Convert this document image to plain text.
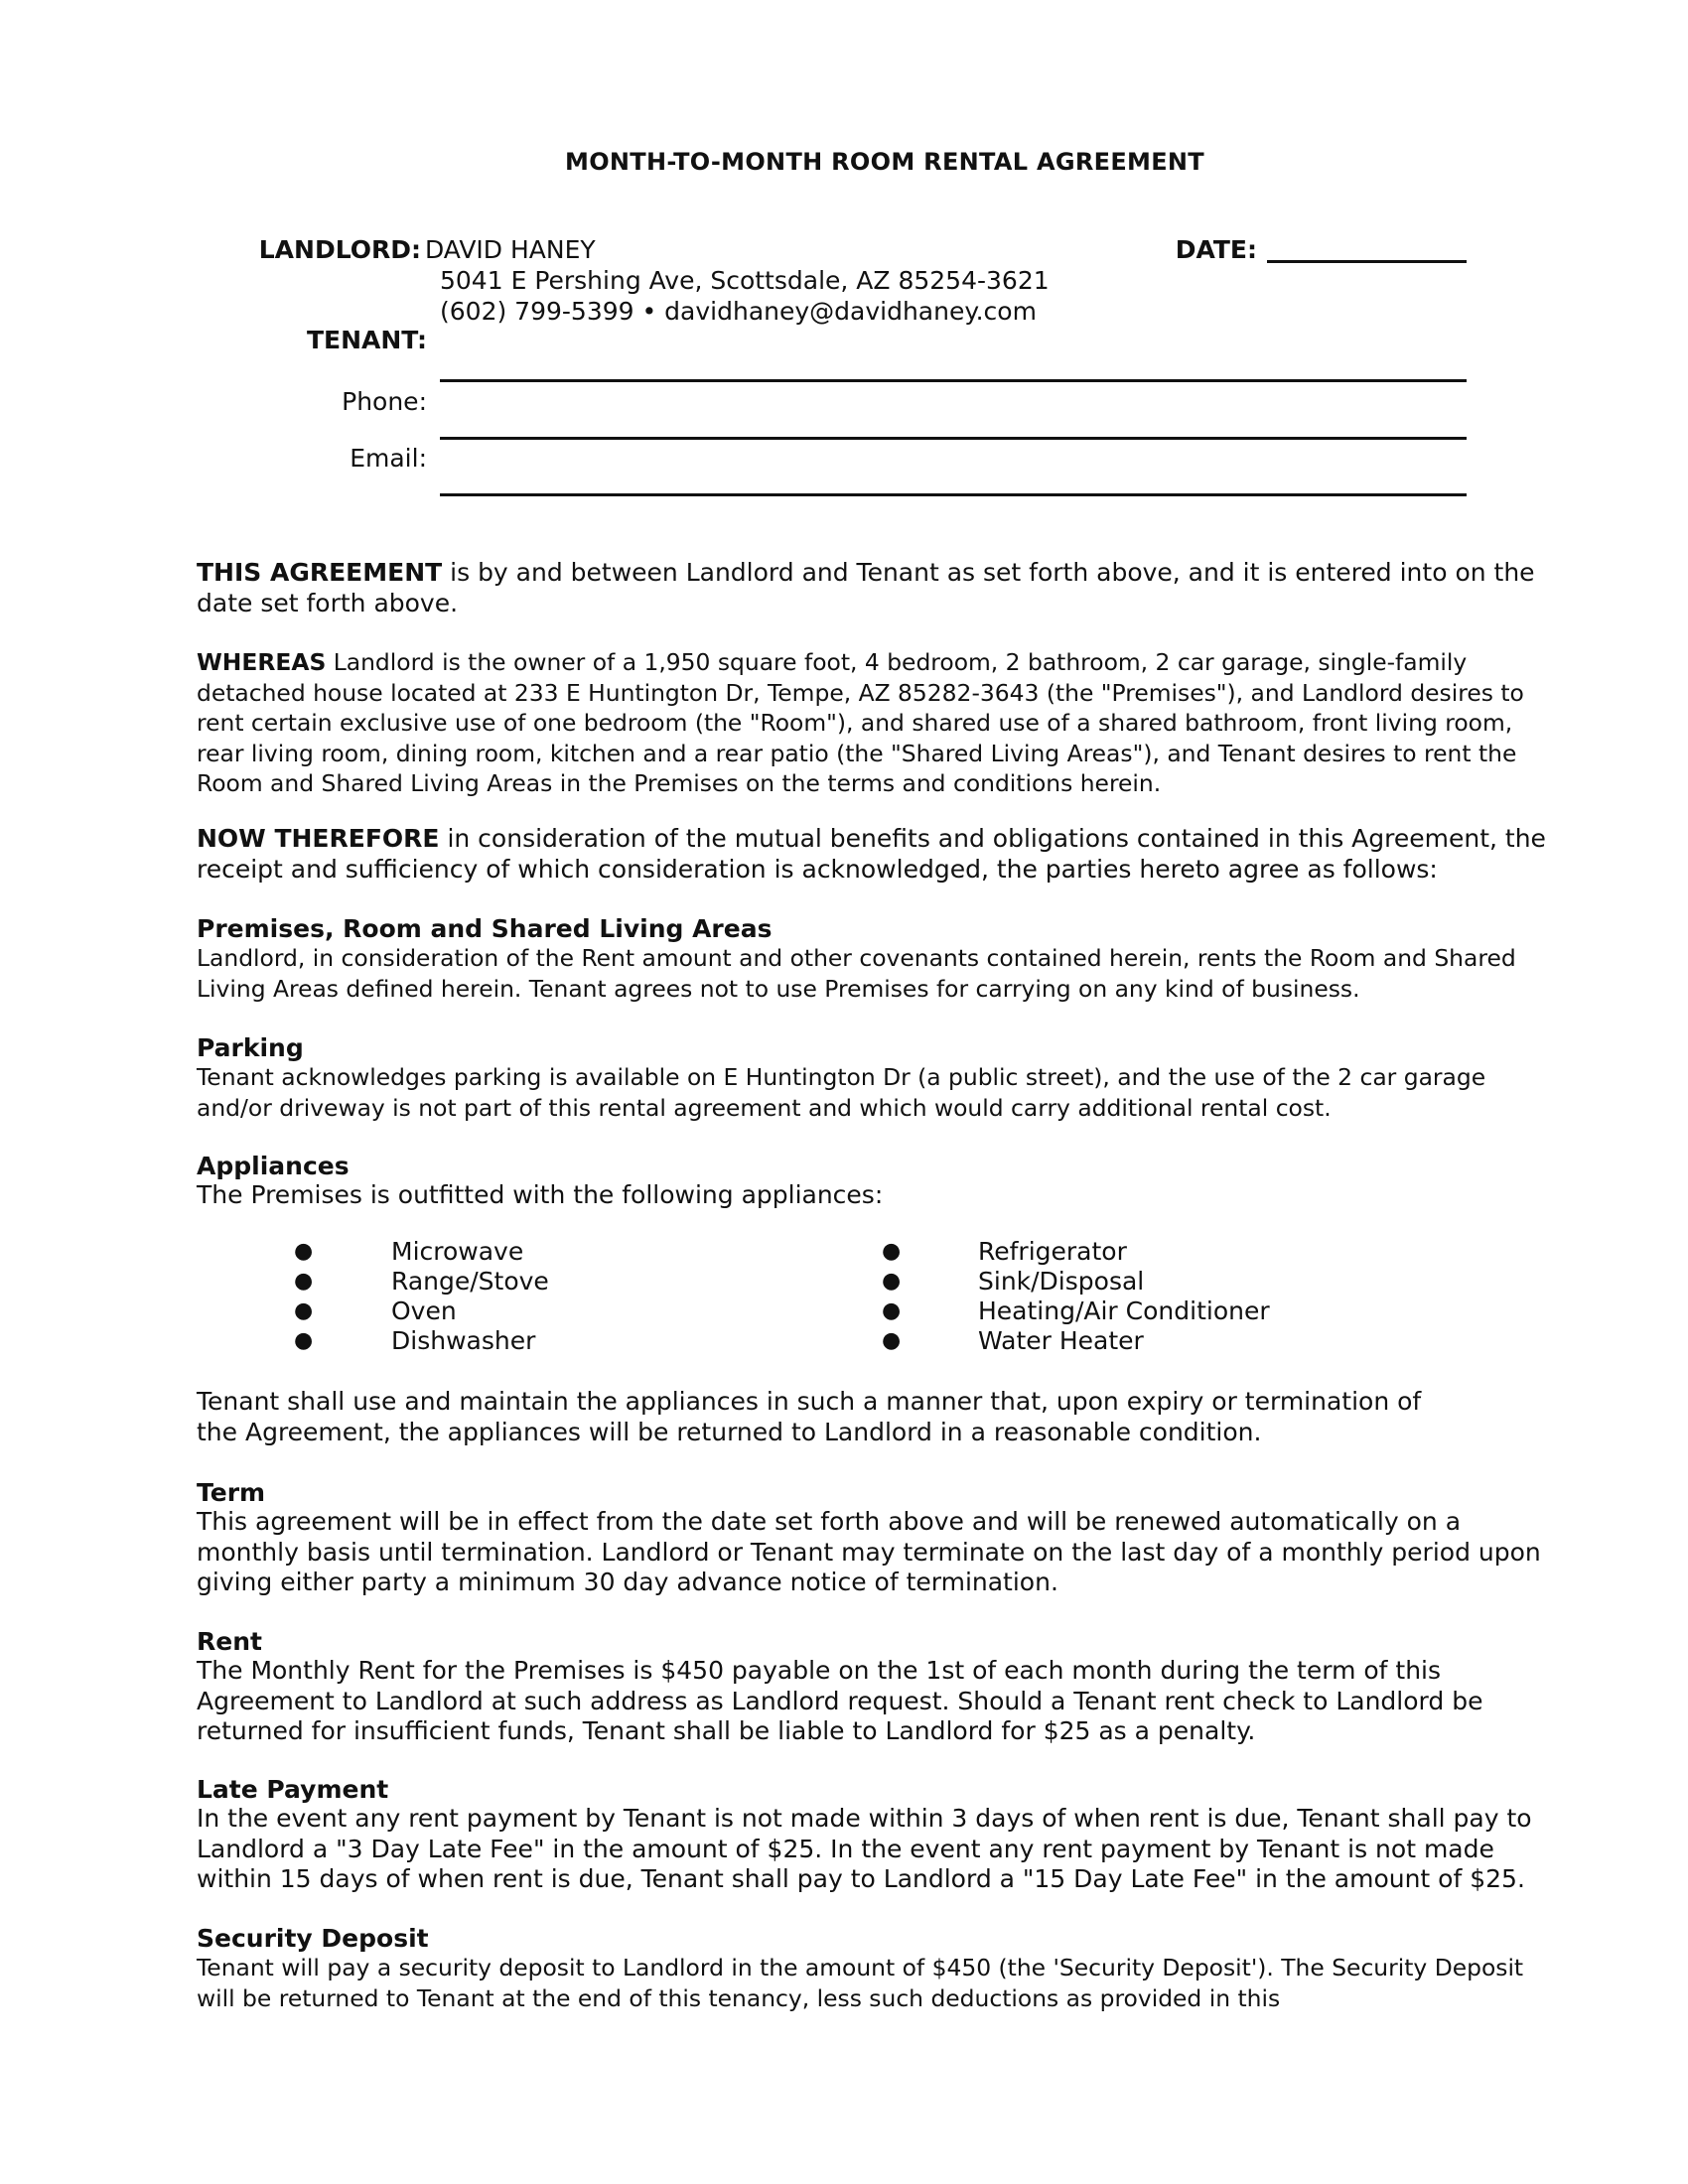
MONTH-TO-MONTH ROOM RENTAL AGREEMENT
LANDLORD: DAVID HANEY
5041 E Pershing Ave, Scottsdale, AZ 85254-3621
(602) 799-5399 • davidhaney@davidhaney.com
DATE:
TENANT:
Phone:
Email:
THIS AGREEMENT is by and between Landlord and Tenant as set forth above, and it is entered into on the date set forth above.
WHEREAS Landlord is the owner of a 1,950 square foot, 4 bedroom, 2 bathroom, 2 car garage, single-family detached house located at 233 E Huntington Dr, Tempe, AZ 85282-3643 (the "Premises"), and Landlord desires to rent certain exclusive use of one bedroom (the "Room"), and shared use of a shared bathroom, front living room, rear living room, dining room, kitchen and a rear patio (the "Shared Living Areas"), and Tenant desires to rent the Room and Shared Living Areas in the Premises on the terms and conditions herein.
NOW THEREFORE in consideration of the mutual benefits and obligations contained in this Agreement, the receipt and sufficiency of which consideration is acknowledged, the parties hereto agree as follows:
Premises, Room and Shared Living Areas
Landlord, in consideration of the Rent amount and other covenants contained herein, rents the Room and Shared Living Areas defined herein. Tenant agrees not to use Premises for carrying on any kind of business.
Parking
Tenant acknowledges parking is available on E Huntington Dr (a public street), and the use of the 2 car garage and/or driveway is not part of this rental agreement and which would carry additional rental cost.
Appliances
The Premises is outfitted with the following appliances:
●	Microwave
●	Range/Stove
●	Oven
●	Dishwasher
●	Refrigerator
●	Sink/Disposal
●	Heating/Air Conditioner
●	Water Heater
Tenant shall use and maintain the appliances in such a manner that, upon expiry or termination of the Agreement, the appliances will be returned to Landlord in a reasonable condition.
Term
This agreement will be in effect from the date set forth above and will be renewed automatically on a monthly basis until termination. Landlord or Tenant may terminate on the last day of a monthly period upon giving either party a minimum 30 day advance notice of termination.
Rent
The Monthly Rent for the Premises is $450 payable on the 1st of each month during the term of this Agreement to Landlord at such address as Landlord request. Should a Tenant rent check to Landlord be returned for insufficient funds, Tenant shall be liable to Landlord for $25 as a penalty.
Late Payment
In the event any rent payment by Tenant is not made within 3 days of when rent is due, Tenant shall pay to Landlord a "3 Day Late Fee" in the amount of $25. In the event any rent payment by Tenant is not made within 15 days of when rent is due, Tenant shall pay to Landlord a "15 Day Late Fee" in the amount of $25.
Security Deposit
Tenant will pay a security deposit to Landlord in the amount of $450 (the 'Security Deposit'). The Security Deposit will be returned to Tenant at the end of this tenancy, less such deductions as provided in this
